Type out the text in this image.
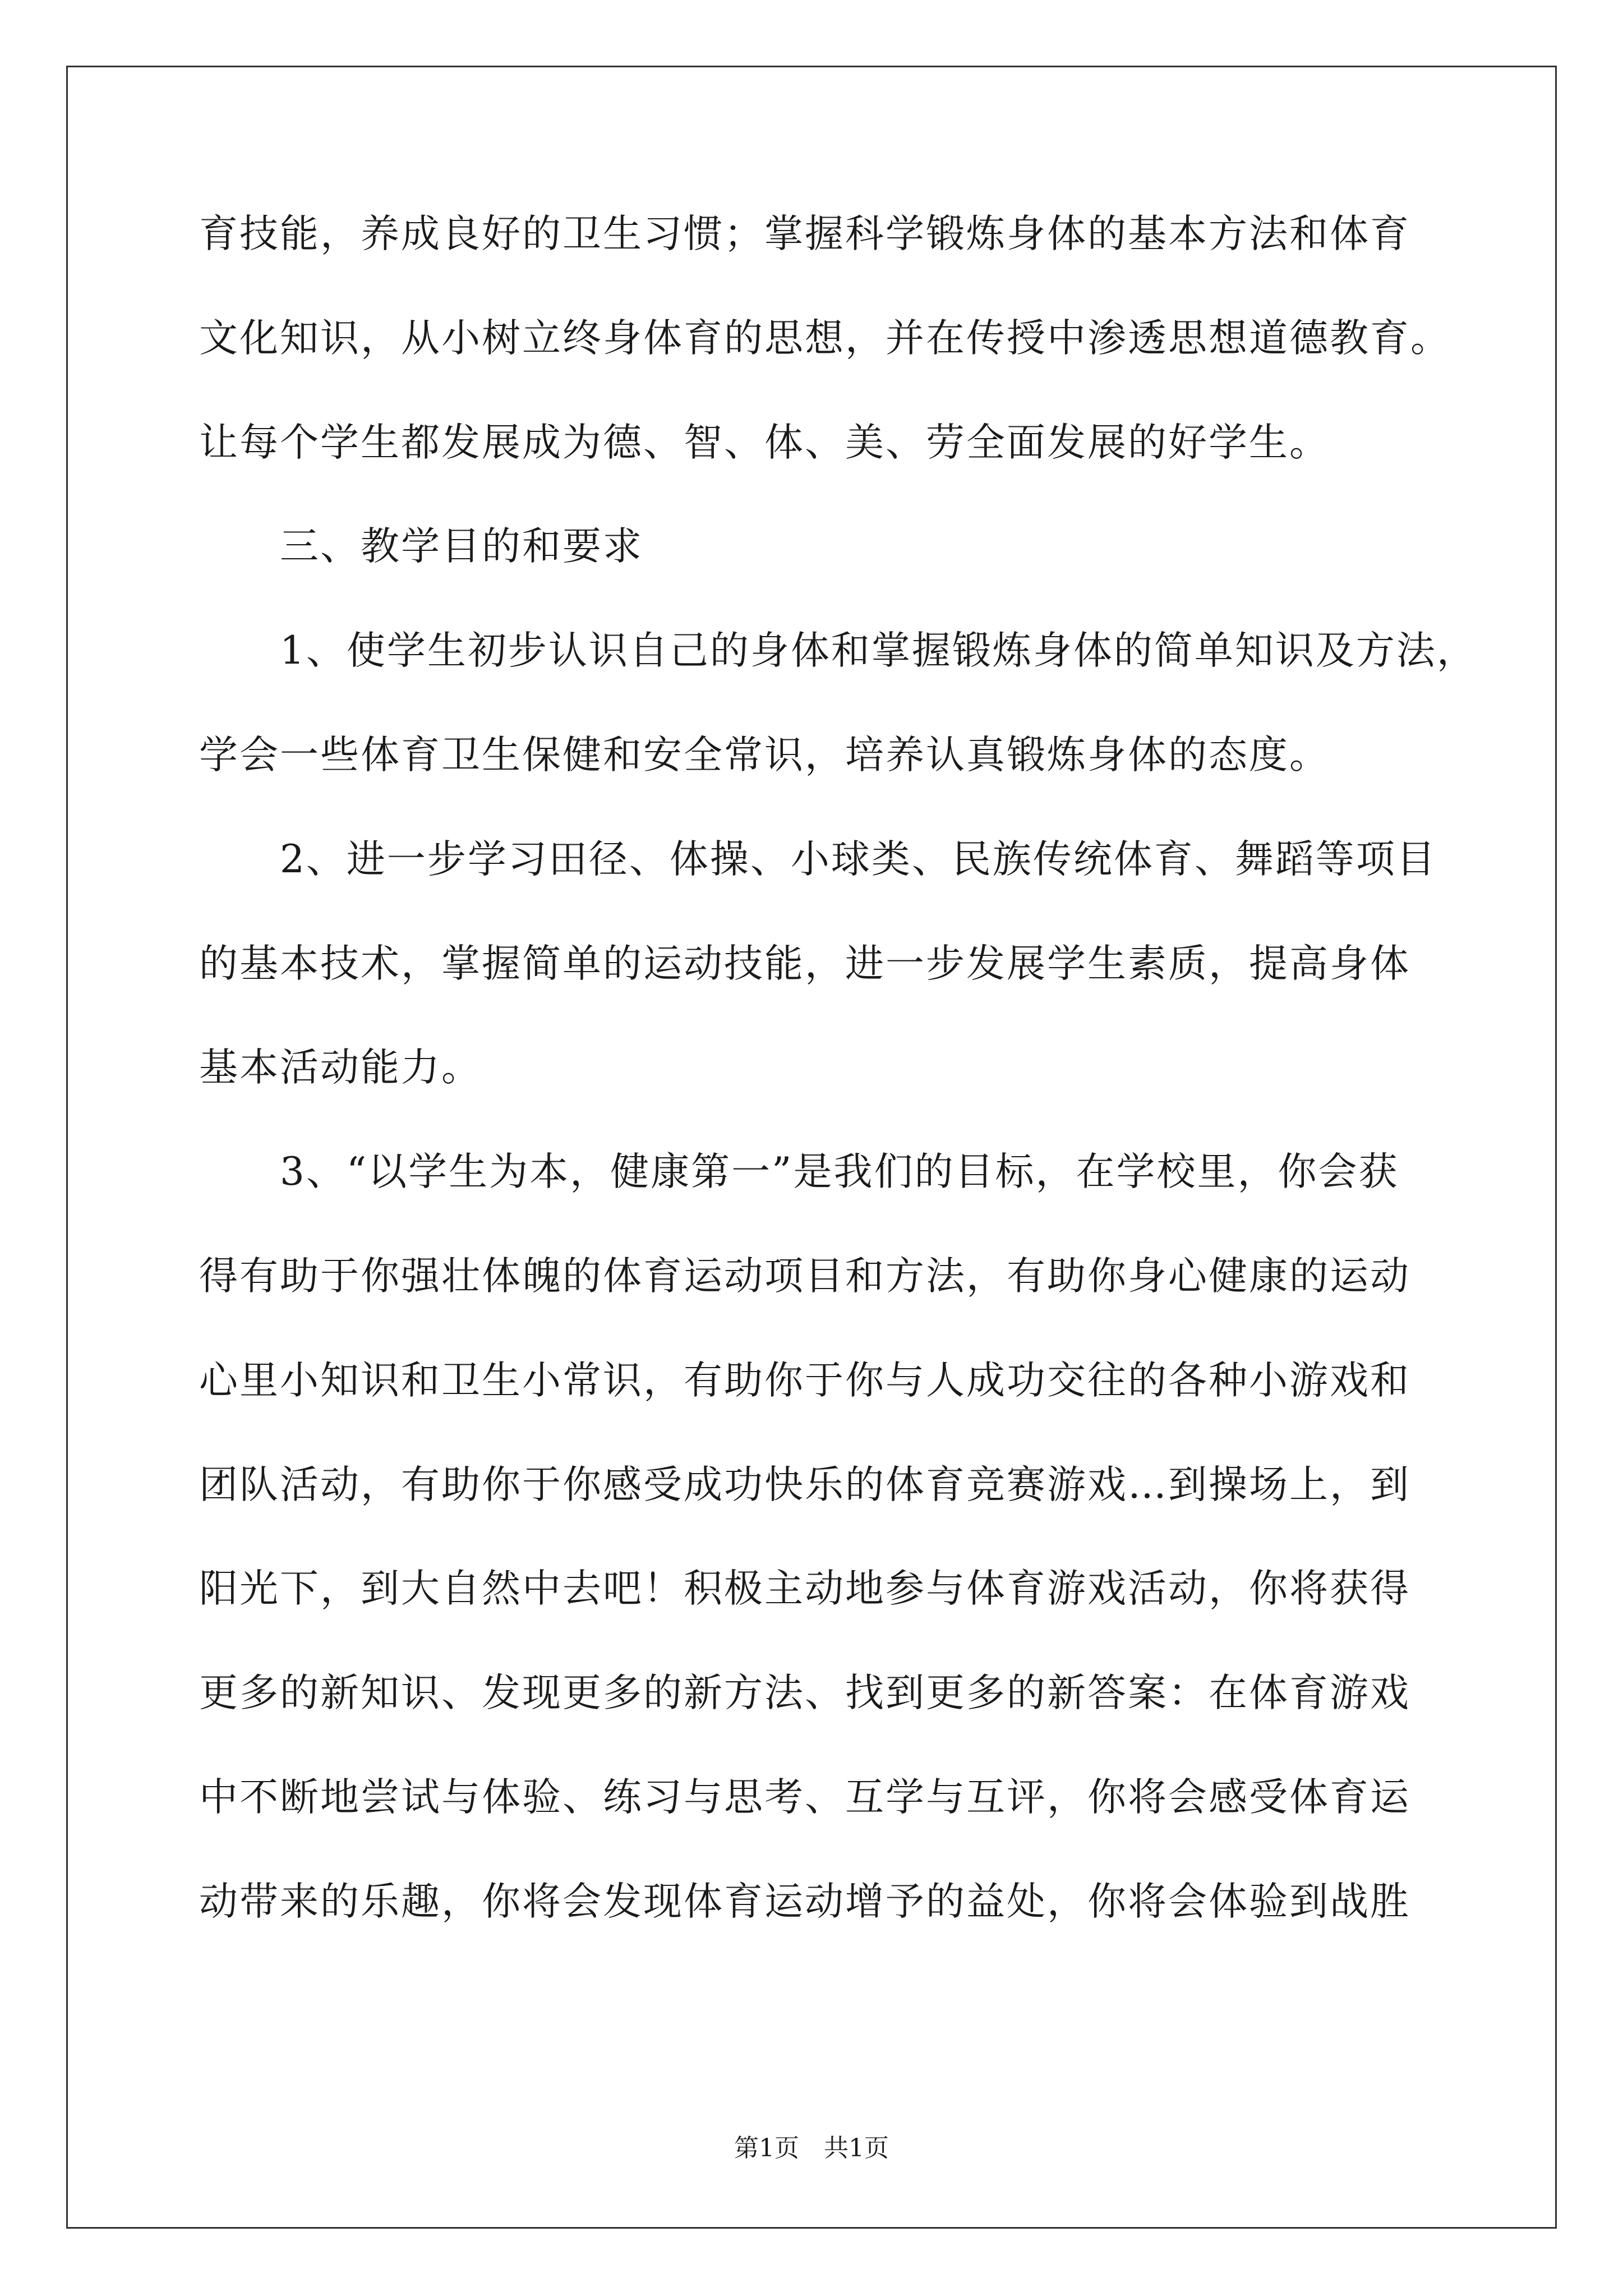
育技能，养成良好的卫生习惯；掌握科学锻炼身体的基本方法和体育
文化知识，从小树立终身体育的思想，并在传授中渗透思想道德教育。
让每个学生都发展成为德、智、体、美、劳全面发展的好学生。
　　三、教学目的和要求
　　1、使学生初步认识自己的身体和掌握锻炼身体的简单知识及方法，
学会一些体育卫生保健和安全常识，培养认真锻炼身体的态度。
　　2、进一步学习田径、体操、小球类、民族传统体育、舞蹈等项目
的基本技术，掌握简单的运动技能，进一步发展学生素质，提高身体
基本活动能力。
　　3、“以学生为本，健康第一”是我们的目标，在学校里，你会获
得有助于你强壮体魄的体育运动项目和方法，有助你身心健康的运动
心里小知识和卫生小常识，有助你于你与人成功交往的各种小游戏和
团队活动，有助你于你感受成功快乐的体育竞赛游戏…到操场上，到
阳光下，到大自然中去吧！积极主动地参与体育游戏活动，你将获得
更多的新知识、发现更多的新方法、找到更多的新答案：在体育游戏
中不断地尝试与体验、练习与思考、互学与互评，你将会感受体育运
动带来的乐趣，你将会发现体育运动增予的益处，你将会体验到战胜
第1页　共1页
